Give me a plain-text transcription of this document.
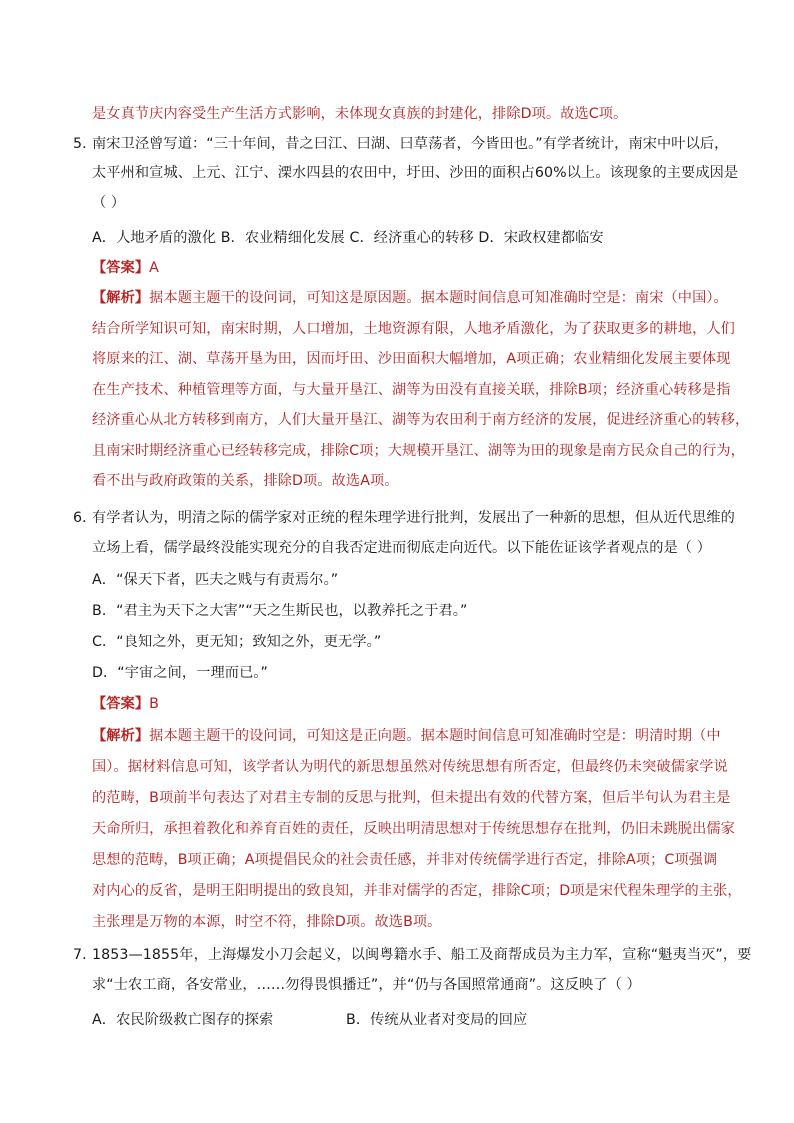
是女真节庆内容受生产生活方式影响，未体现女真族的封建化，排除D项。故选C项。
5．
南宋卫泾曾写道：“三十年间，昔之曰江、曰湖、曰草荡者，今皆田也。”有学者统计，南宋中叶以后，
太平州和宣城、上元、江宁、溧水四县的农田中，圩田、沙田的面积占60%以上。该现象的主要成因是
（ ）
A．人地矛盾的激化 B．农业精细化发展 C．经济重心的转移 D．宋政权建都临安
【答案】A
【解析】据本题主题干的设问词，可知这是原因题。据本题时间信息可知准确时空是：南宋（中国）。
结合所学知识可知，南宋时期，人口增加，土地资源有限，人地矛盾激化，为了获取更多的耕地，人们
将原来的江、湖、草荡开垦为田，因而圩田、沙田面积大幅增加，A项正确；农业精细化发展主要体现
在生产技术、种植管理等方面，与大量开垦江、湖等为田没有直接关联，排除B项；经济重心转移是指
经济重心从北方转移到南方，人们大量开垦江、湖等为农田利于南方经济的发展，促进经济重心的转移，
且南宋时期经济重心已经转移完成，排除C项；大规模开垦江、湖等为田的现象是南方民众自己的行为，
看不出与政府政策的关系，排除D项。故选A项。
6．
有学者认为，明清之际的儒学家对正统的程朱理学进行批判，发展出了一种新的思想，但从近代思维的
立场上看，儒学最终没能实现充分的自我否定进而彻底走向近代。以下能佐证该学者观点的是（ ）
A．“保天下者，匹夫之贱与有责焉尔。”
B．“君主为天下之大害”“天之生斯民也，以教养托之于君。”
C．“良知之外，更无知；致知之外，更无学。”
D．“宇宙之间，一理而已。”
【答案】B
【解析】据本题主题干的设问词，可知这是正向题。据本题时间信息可知准确时空是：明清时期（中
国）。据材料信息可知，该学者认为明代的新思想虽然对传统思想有所否定，但最终仍未突破儒家学说
的范畴，B项前半句表达了对君主专制的反思与批判，但未提出有效的代替方案，但后半句认为君主是
天命所归，承担着教化和养育百姓的责任，反映出明清思想对于传统思想存在批判，仍旧未跳脱出儒家
思想的范畴，B项正确；A项提倡民众的社会责任感，并非对传统儒学进行否定，排除A项；C项强调
对内心的反省，是明王阳明提出的致良知，并非对儒学的否定，排除C项；D项是宋代程朱理学的主张，
主张理是万物的本源，时空不符，排除D项。故选B项。
7．
1853—1855年，上海爆发小刀会起义，以闽粤籍水手、船工及商帮成员为主力军，宣称“魁夷当灭”，要
求“士农工商，各安常业，……勿得畏惧播迁”，并“仍与各国照常通商”。这反映了（ ）
A．农民阶级救亡图存的探索	B．传统从业者对变局的回应
